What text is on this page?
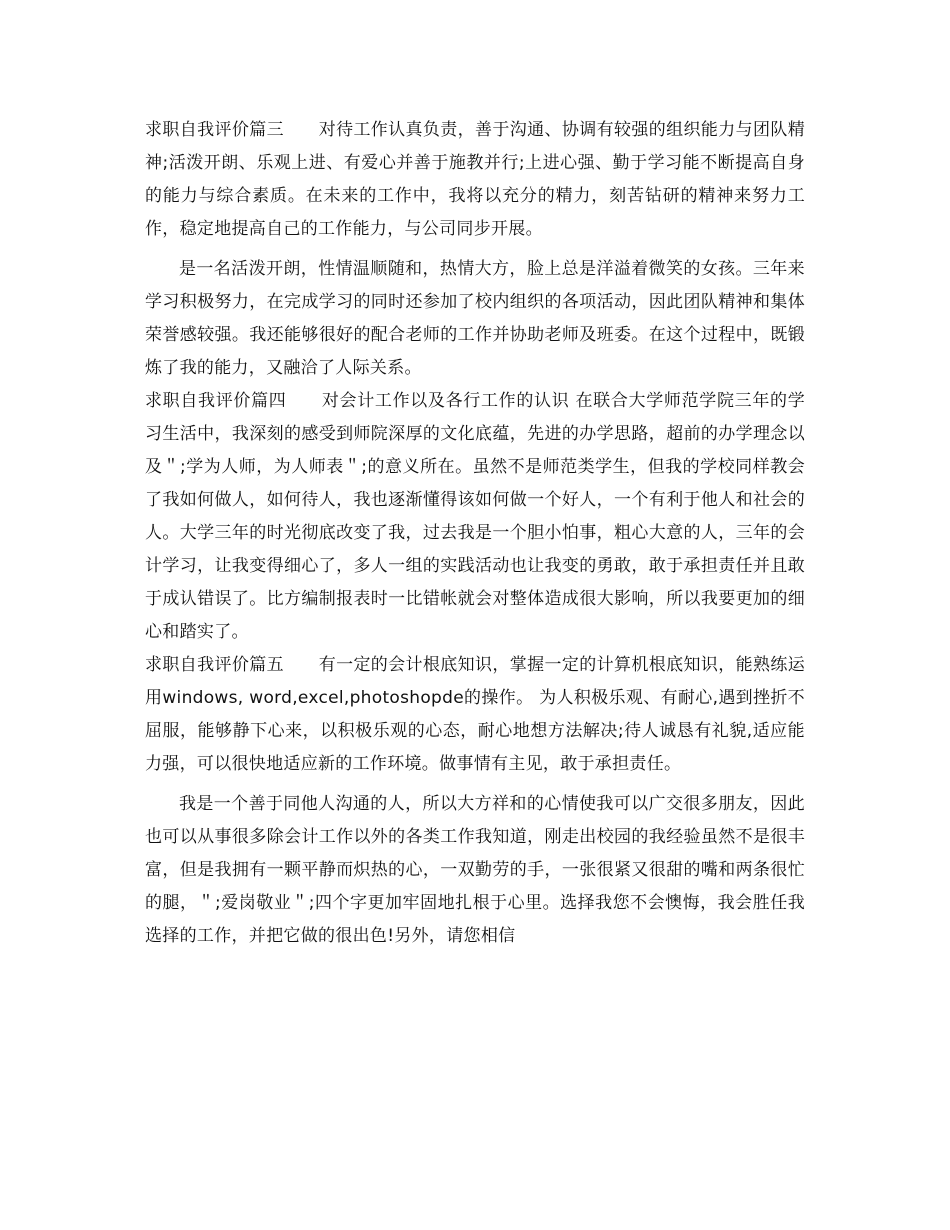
求职自我评价篇三　　对待工作认真负责，善于沟通、协调有较强的组织能力与团队精神;活泼开朗、乐观上进、有爱心并善于施教并行;上进心强、勤于学习能不断提高自身的能力与综合素质。在未来的工作中，我将以充分的精力，刻苦钻研的精神来努力工作，稳定地提高自己的工作能力，与公司同步开展。

是一名活泼开朗，性情温顺随和，热情大方，脸上总是洋溢着微笑的女孩。三年来学习积极努力，在完成学习的同时还参加了校内组织的各项活动，因此团队精神和集体荣誉感较强。我还能够很好的配合老师的工作并协助老师及班委。在这个过程中，既锻炼了我的能力，又融洽了人际关系。

求职自我评价篇四　　对会计工作以及各行工作的认识 在联合大学师范学院三年的学习生活中，我深刻的感受到师院深厚的文化底蕴，先进的办学思路，超前的办学理念以及＂;学为人师，为人师表＂;的意义所在。虽然不是师范类学生，但我的学校同样教会了我如何做人，如何待人，我也逐渐懂得该如何做一个好人，一个有利于他人和社会的人。大学三年的时光彻底改变了我，过去我是一个胆小怕事，粗心大意的人，三年的会计学习，让我变得细心了，多人一组的实践活动也让我变的勇敢，敢于承担责任并且敢于成认错误了。比方编制报表时一比错帐就会对整体造成很大影响，所以我要更加的细心和踏实了。

求职自我评价篇五　　有一定的会计根底知识，掌握一定的计算机根底知识，能熟练运用windows, word,excel,photoshopde的操作。 为人积极乐观、有耐心,遇到挫折不屈服，能够静下心来，以积极乐观的心态，耐心地想方法解决;待人诚恳有礼貌,适应能力强，可以很快地适应新的工作环境。做事情有主见，敢于承担责任。

我是一个善于同他人沟通的人，所以大方祥和的心情使我可以广交很多朋友，因此也可以从事很多除会计工作以外的各类工作我知道，刚走出校园的我经验虽然不是很丰富，但是我拥有一颗平静而炽热的心，一双勤劳的手，一张很紧又很甜的嘴和两条很忙的腿，＂;爱岗敬业＂;四个字更加牢固地扎根于心里。选择我您不会懊悔，我会胜任我选择的工作，并把它做的很出色!另外，请您相信
